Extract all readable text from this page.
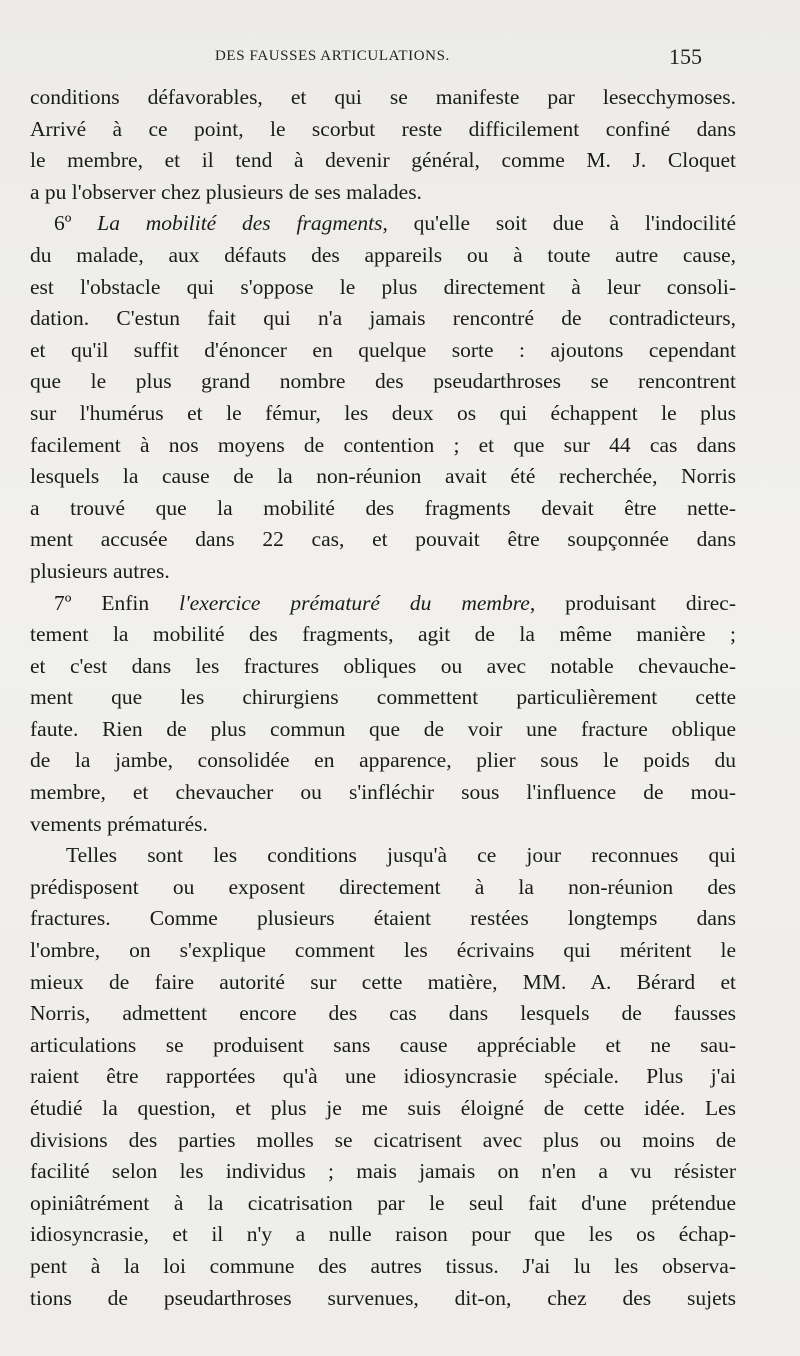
DES FAUSSES ARTICULATIONS.	155
conditions défavorables, et qui se manifeste par lesecchymoses.
Arrivé à ce point, le scorbut reste difficilement confiné dans
le membre, et il tend à devenir général, comme M. J. Cloquet
a pu l'observer chez plusieurs de ses malades.
6º La mobilité des fragments, qu'elle soit due à l'indocilité
du malade, aux défauts des appareils ou à toute autre cause,
est l'obstacle qui s'oppose le plus directement à leur consoli-
dation. C'estun fait qui n'a jamais rencontré de contradicteurs,
et qu'il suffit d'énoncer en quelque sorte : ajoutons cependant
que le plus grand nombre des pseudarthroses se rencontrent
sur l'humérus et le fémur, les deux os qui échappent le plus
facilement à nos moyens de contention ; et que sur 44 cas dans
lesquels la cause de la non-réunion avait été recherchée, Norris
a trouvé que la mobilité des fragments devait être nette-
ment accusée dans 22 cas, et pouvait être soupçonnée dans
plusieurs autres.
7º Enfin l'exercice prématuré du membre, produisant direc-
tement la mobilité des fragments, agit de la même manière ;
et c'est dans les fractures obliques ou avec notable chevauche-
ment que les chirurgiens commettent particulièrement cette
faute. Rien de plus commun que de voir une fracture oblique
de la jambe, consolidée en apparence, plier sous le poids du
membre, et chevaucher ou s'infléchir sous l'influence de mou-
vements prématurés.
Telles sont les conditions jusqu'à ce jour reconnues qui
prédisposent ou exposent directement à la non-réunion des
fractures. Comme plusieurs étaient restées longtemps dans
l'ombre, on s'explique comment les écrivains qui méritent le
mieux de faire autorité sur cette matière, MM. A. Bérard et
Norris, admettent encore des cas dans lesquels de fausses
articulations se produisent sans cause appréciable et ne sau-
raient être rapportées qu'à une idiosyncrasie spéciale. Plus j'ai
étudié la question, et plus je me suis éloigné de cette idée. Les
divisions des parties molles se cicatrisent avec plus ou moins de
facilité selon les individus ; mais jamais on n'en a vu résister
opiniâtrément à la cicatrisation par le seul fait d'une prétendue
idiosyncrasie, et il n'y a nulle raison pour que les os échap-
pent à la loi commune des autres tissus. J'ai lu les observa-
tions de pseudarthroses survenues, dit-on, chez des sujets
